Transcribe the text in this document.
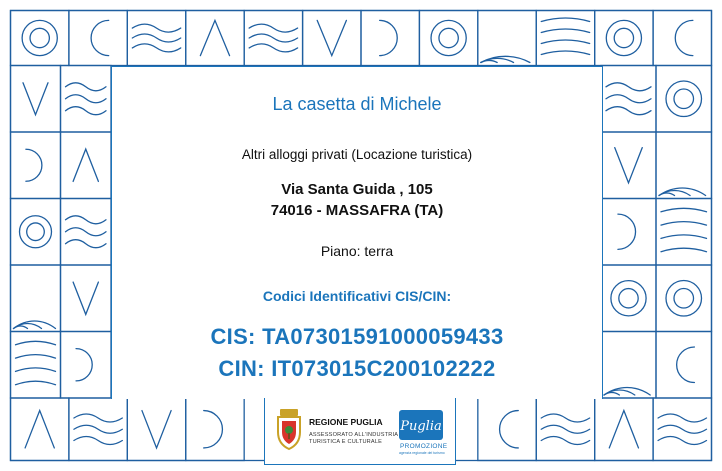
La casetta di Michele
Altri alloggi privati (Locazione turistica)
Via Santa Guida , 105
74016 - MASSAFRA (TA)
Piano: terra
Codici Identificativi CIS/CIN:
CIS: TA07301591000059433
CIN: IT073015C200102222
REGIONE PUGLIA
ASSESSORATO ALL'INDUSTRIA
TURISTICA E CULTURALE
Puglia
PROMOZIONE
agenzia regionale del turismo
